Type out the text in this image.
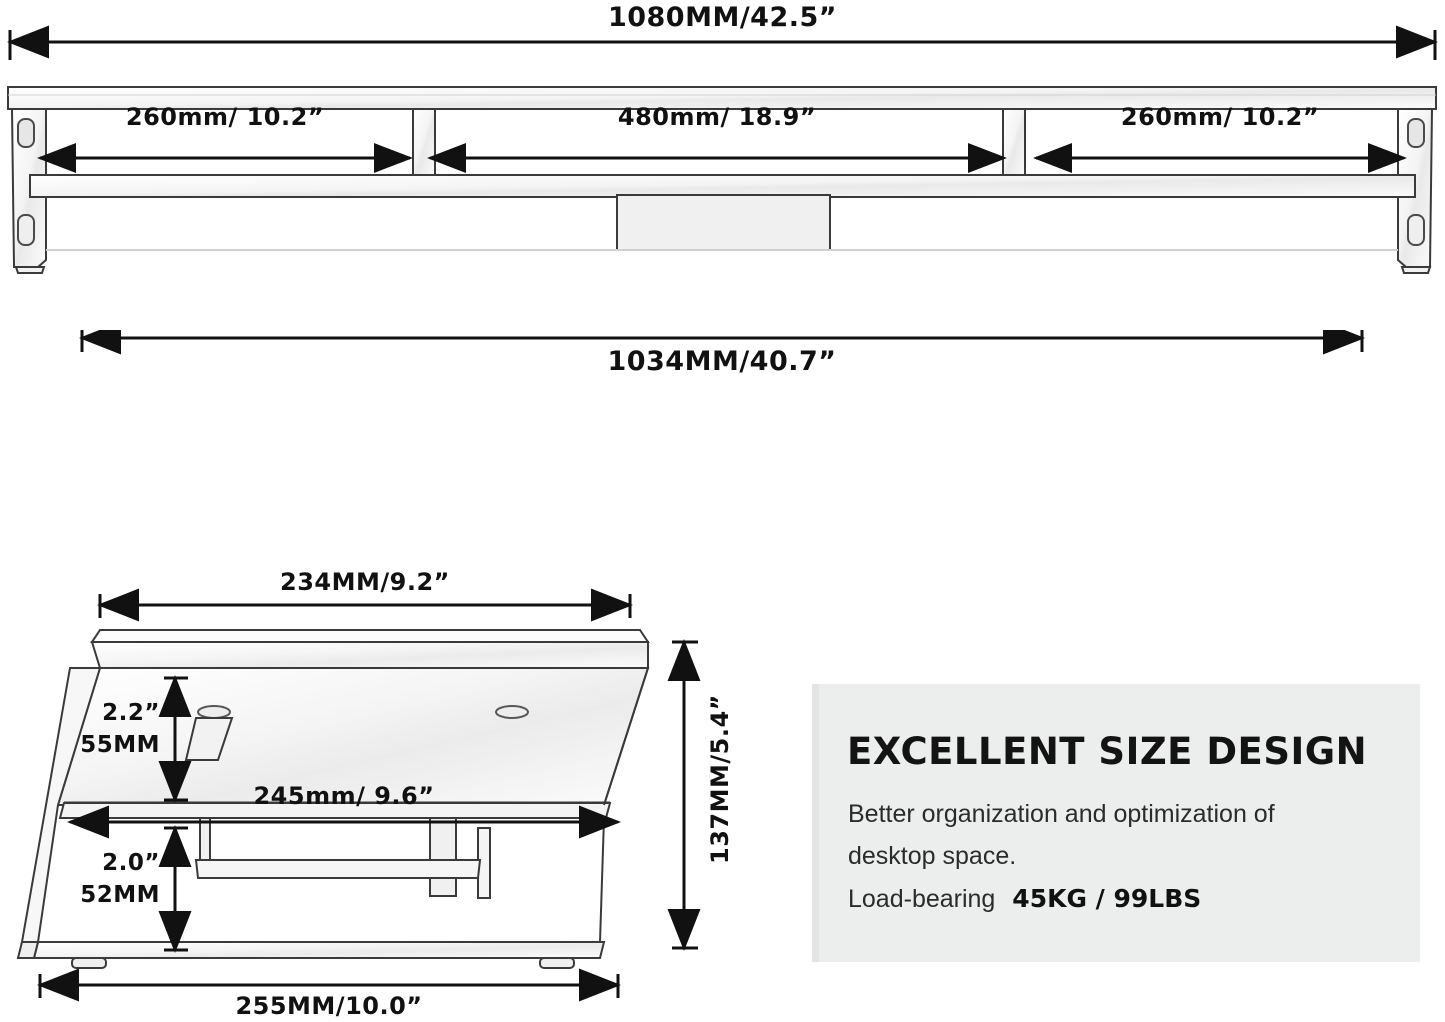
1080MM/42.5”
260mm/ 10.2”	480mm/ 18.9”	260mm/ 10.2”
1034MM/40.7”
234MM/9.2”
245mm/ 9.6”
255MM/10.0”
137MM/5.4”
2.2”
55MM
2.0”
52MM
EXCELLENT SIZE DESIGN
Better organization and optimization of
desktop space.
Load-bearing 45KG / 99LBS
